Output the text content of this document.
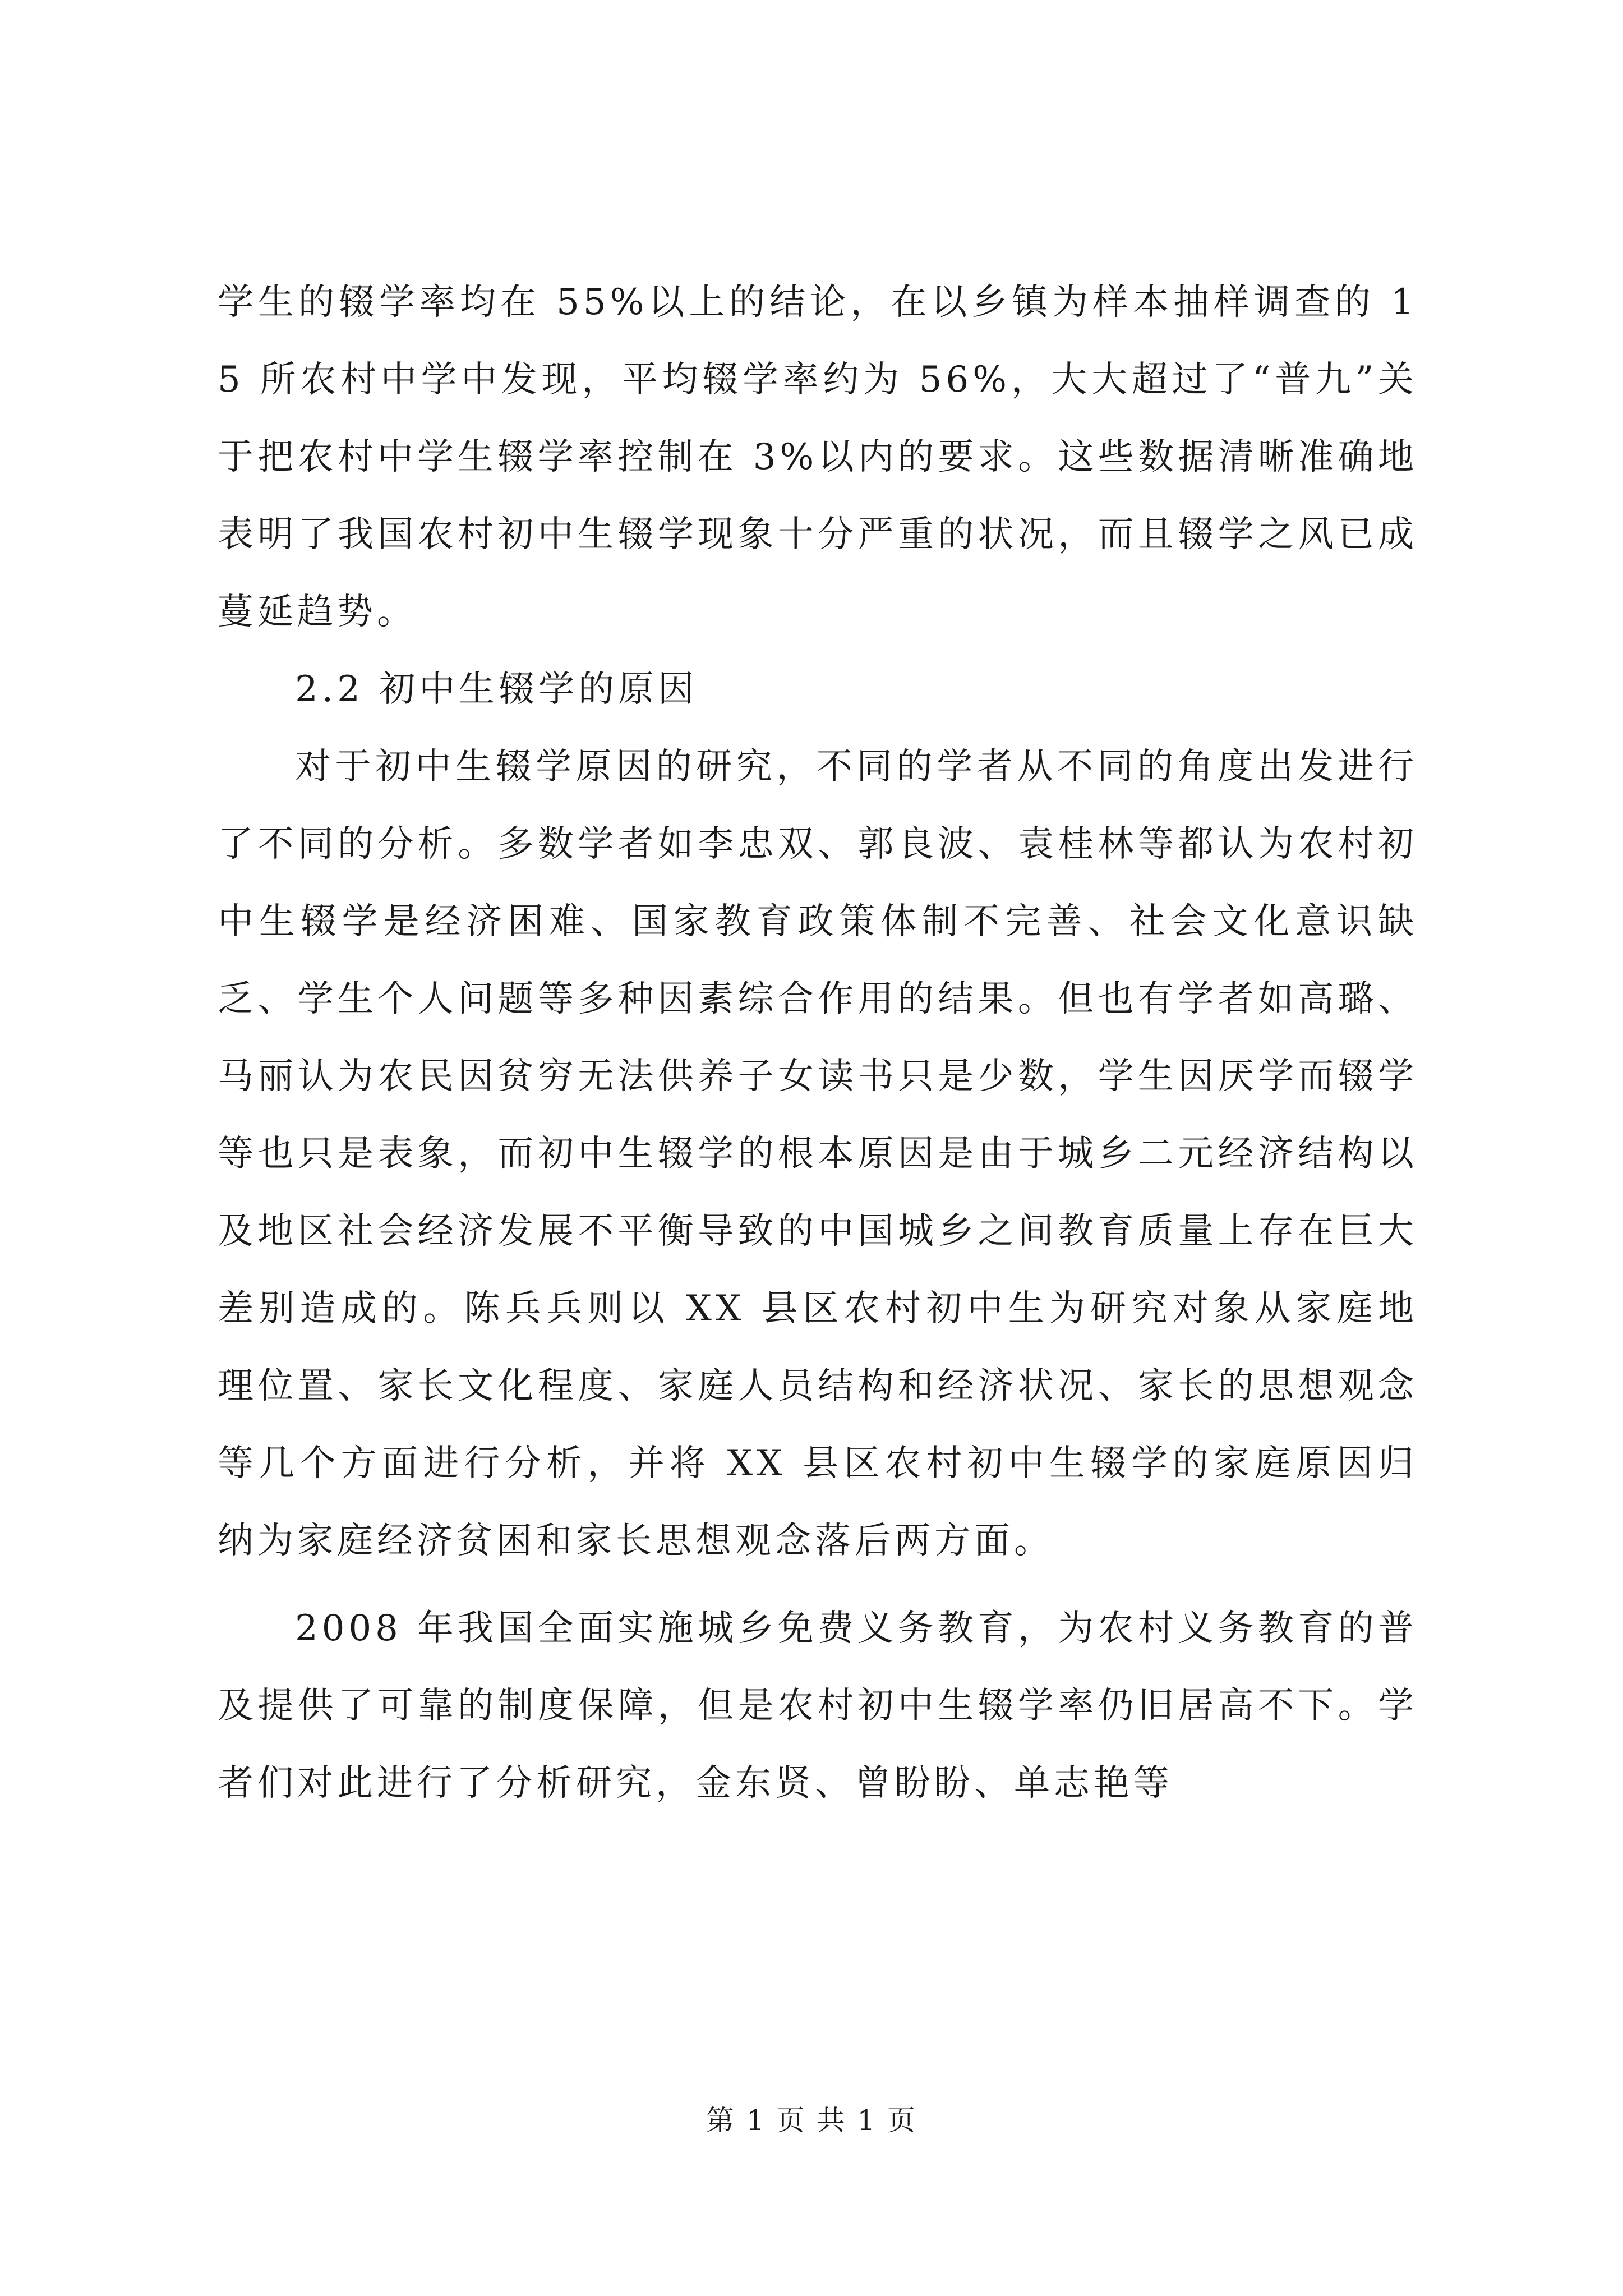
学生的辍学率均在 55%以上的结论，在以乡镇为样本抽样调查的 15 所农村中学中发现，平均辍学率约为 56%，大大超过了“普九”关于把农村中学生辍学率控制在 3%以内的要求。这些数据清晰准确地表明了我国农村初中生辍学现象十分严重的状况，而且辍学之风已成蔓延趋势。

2.2 初中生辍学的原因

对于初中生辍学原因的研究，不同的学者从不同的角度出发进行了不同的分析。多数学者如李忠双、郭良波、袁桂林等都认为农村初中生辍学是经济困难、国家教育政策体制不完善、社会文化意识缺乏、学生个人问题等多种因素综合作用的结果。但也有学者如高璐、马丽认为农民因贫穷无法供养子女读书只是少数，学生因厌学而辍学等也只是表象，而初中生辍学的根本原因是由于城乡二元经济结构以及地区社会经济发展不平衡导致的中国城乡之间教育质量上存在巨大差别造成的。陈兵兵则以 XX 县区农村初中生为研究对象从家庭地理位置、家长文化程度、家庭人员结构和经济状况、家长的思想观念等几个方面进行分析，并将 XX 县区农村初中生辍学的家庭原因归纳为家庭经济贫困和家长思想观念落后两方面。

2008 年我国全面实施城乡免费义务教育，为农村义务教育的普及提供了可靠的制度保障，但是农村初中生辍学率仍旧居高不下。学者们对此进行了分析研究，金东贤、曾盼盼、单志艳等

第 1 页 共 1 页
